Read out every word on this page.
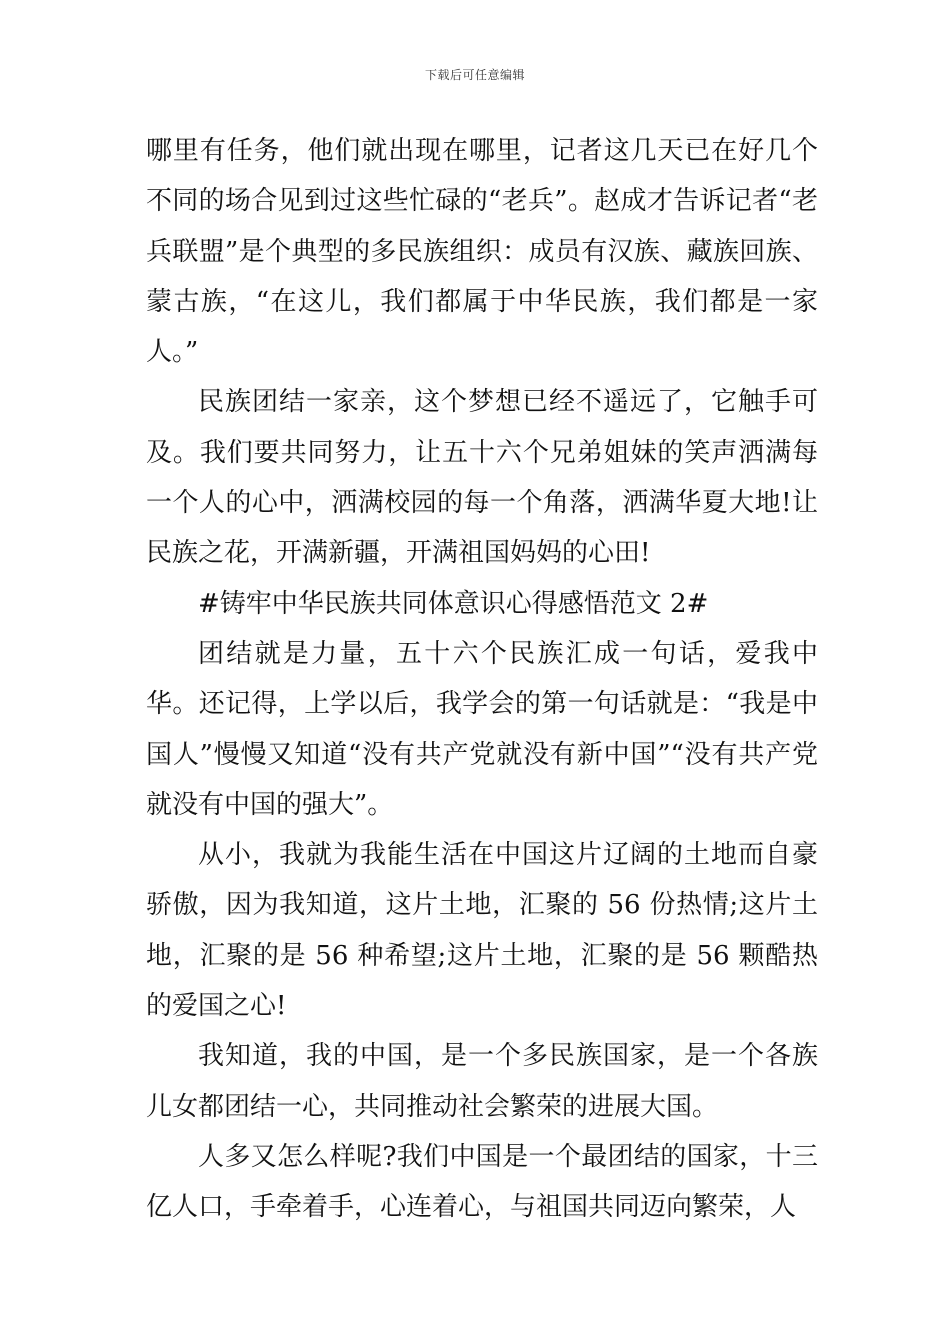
下载后可任意编辑

哪里有任务，他们就出现在哪里，记者这几天已在好几个不同的场合见到过这些忙碌的“老兵”。赵成才告诉记者“老兵联盟”是个典型的多民族组织：成员有汉族、藏族回族、蒙古族，“在这儿，我们都属于中华民族，我们都是一家人。”

民族团结一家亲，这个梦想已经不遥远了，它触手可及。我们要共同努力，让五十六个兄弟姐妹的笑声洒满每一个人的心中，洒满校园的每一个角落，洒满华夏大地!让民族之花，开满新疆，开满祖国妈妈的心田!

#铸牢中华民族共同体意识心得感悟范文 2#

团结就是力量，五十六个民族汇成一句话，爱我中华。还记得，上学以后，我学会的第一句话就是：“我是中国人”慢慢又知道“没有共产党就没有新中国”“没有共产党就没有中国的强大”。

从小，我就为我能生活在中国这片辽阔的土地而自豪骄傲，因为我知道，这片土地，汇聚的 56 份热情;这片土地，汇聚的是 56 种希望;这片土地，汇聚的是 56 颗酷热的爱国之心!

我知道，我的中国，是一个多民族国家，是一个各族儿女都团结一心，共同推动社会繁荣的进展大国。

人多又怎么样呢?我们中国是一个最团结的国家，十三亿人口，手牵着手，心连着心，与祖国共同迈向繁荣，人
